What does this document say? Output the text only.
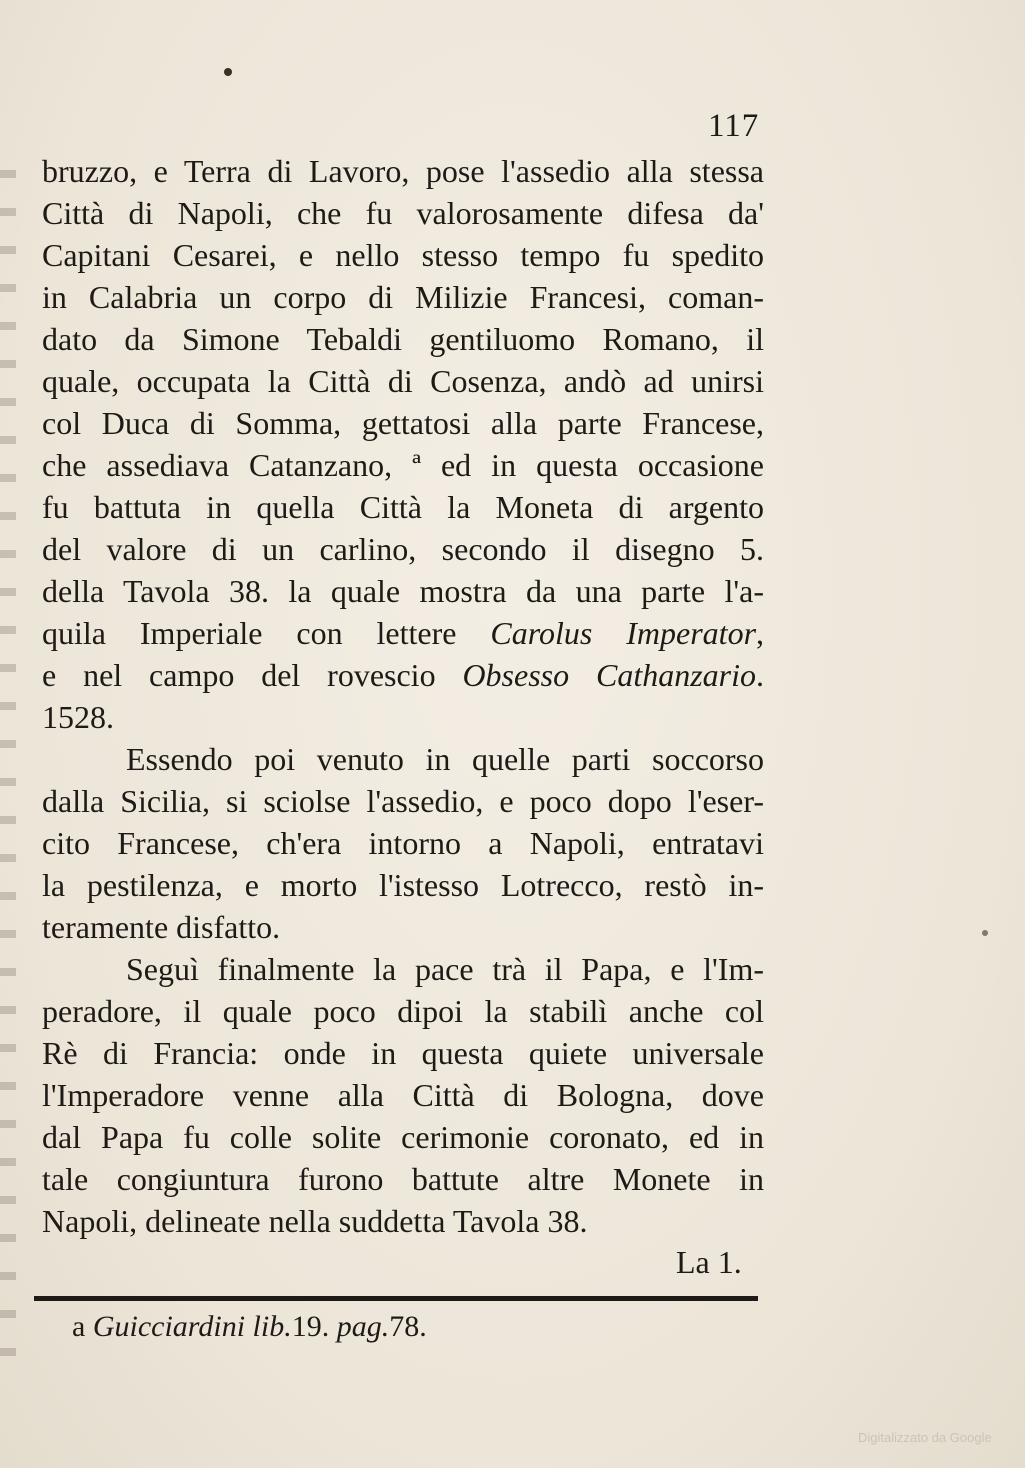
117
bruzzo, e Terra di Lavoro, pose l'assedio alla stessa
Città di Napoli, che fu valorosamente difesa da'
Capitani Cesarei, e nello stesso tempo fu spedito
in Calabria un corpo di Milizie Francesi, coman-
dato da Simone Tebaldi gentiluomo Romano, il
quale, occupata la Città di Cosenza, andò ad unirsi
col Duca di Somma, gettatosi alla parte Francese,
che assediava Catanzano, ª ed in questa occasione
fu battuta in quella Città la Moneta di argento
del valore di un carlino, secondo il disegno 5.
della Tavola 38. la quale mostra da una parte l'a-
quila Imperiale con lettere Carolus Imperator,
e nel campo del rovescio Obsesso Cathanzario.
1528.
Essendo poi venuto in quelle parti soccorso
dalla Sicilia, si sciolse l'assedio, e poco dopo l'eser-
cito Francese, ch'era intorno a Napoli, entratavi
la pestilenza, e morto l'istesso Lotrecco, restò in-
teramente disfatto.
Seguì finalmente la pace trà il Papa, e l'Im-
peradore, il quale poco dipoi la stabilì anche col
Rè di Francia: onde in questa quiete universale
l'Imperadore venne alla Città di Bologna, dove
dal Papa fu colle solite cerimonie coronato, ed in
tale congiuntura furono battute altre Monete in
Napoli, delineate nella suddetta Tavola 38.
La 1.
a Guicciardini lib.19. pag.78.
Digitalizzato da Google
